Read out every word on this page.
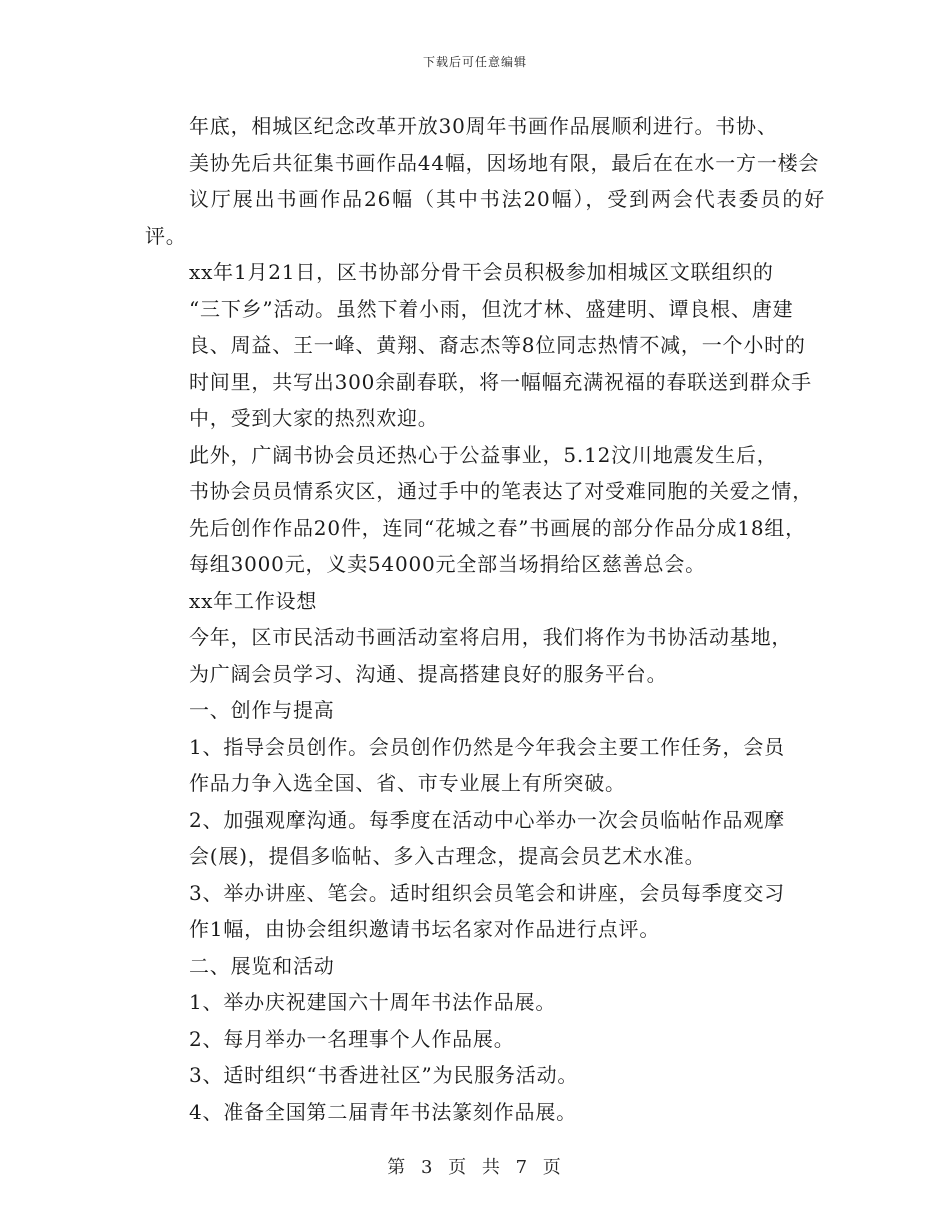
下载后可任意编辑

年底，相城区纪念改革开放30周年书画作品展顺利进行。书协、
美协先后共征集书画作品44幅，因场地有限，最后在在水一方一楼会
议厅展出书画作品26幅（其中书法20幅），受到两会代表委员的好评。

xx年1月21日，区书协部分骨干会员积极参加相城区文联组织的
“三下乡”活动。虽然下着小雨，但沈才林、盛建明、谭良根、唐建
良、周益、王一峰、黄翔、裔志杰等8位同志热情不减，一个小时的
时间里，共写出300余副春联，将一幅幅充满祝福的春联送到群众手
中，受到大家的热烈欢迎。

此外，广阔书协会员还热心于公益事业，5.12汶川地震发生后，
书协会员员情系灾区，通过手中的笔表达了对受难同胞的关爱之情，
先后创作作品20件，连同“花城之春”书画展的部分作品分成18组，
每组3000元，义卖54000元全部当场捐给区慈善总会。

xx年工作设想

今年，区市民活动书画活动室将启用，我们将作为书协活动基地，
为广阔会员学习、沟通、提高搭建良好的服务平台。

一、创作与提高

1、指导会员创作。会员创作仍然是今年我会主要工作任务，会员
作品力争入选全国、省、市专业展上有所突破。

2、加强观摩沟通。每季度在活动中心举办一次会员临帖作品观摩
会(展)，提倡多临帖、多入古理念，提高会员艺术水准。

3、举办讲座、笔会。适时组织会员笔会和讲座，会员每季度交习
作1幅，由协会组织邀请书坛名家对作品进行点评。

二、展览和活动

1、举办庆祝建国六十周年书法作品展。

2、每月举办一名理事个人作品展。

3、适时组织“书香进社区”为民服务活动。

4、准备全国第二届青年书法篆刻作品展。

第 3 页 共 7 页
